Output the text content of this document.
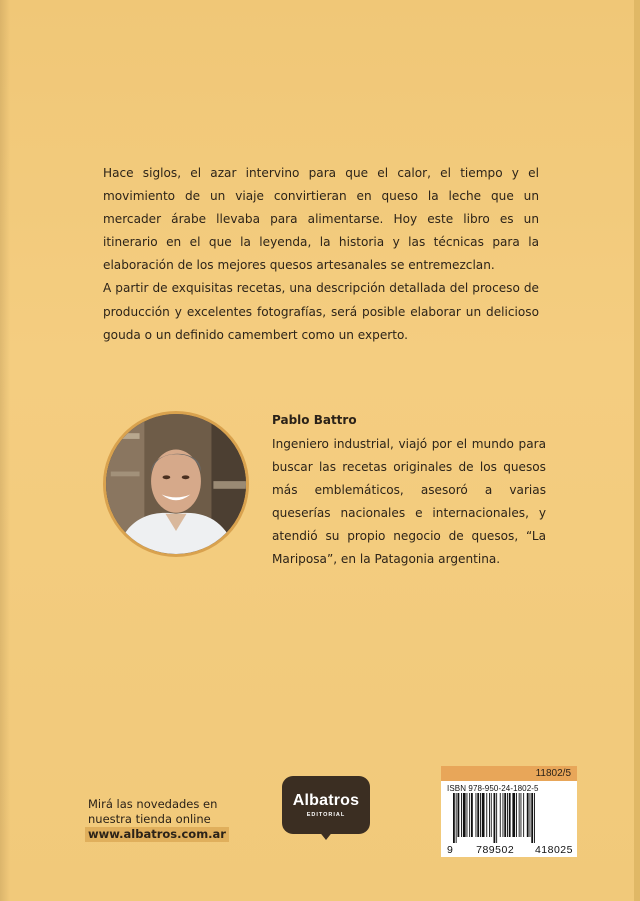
Hace siglos, el azar intervino para que el calor, el tiempo y el movimiento de un viaje convirtieran en queso la leche que un mercader árabe llevaba para alimentarse. Hoy este libro es un itinerario en el que la leyenda, la historia y las técnicas para la elaboración de los mejores quesos artesanales se entremezclan.

A partir de exquisitas recetas, una descripción detallada del proceso de producción y excelentes fotografías, será posible elaborar un delicioso gouda o un definido camembert como un experto.

Pablo Battro
Ingeniero industrial, viajó por el mundo para buscar las recetas originales de los quesos más emblemáticos, asesoró a varias queserías nacionales e internacionales, y atendió su propio negocio de quesos, “La Mariposa”, en la Patagonia argentina.
Mirá las novedades en
nuestra tienda online
www.albatros.com.ar
Albatros
EDITORIAL
11802/5
ISBN 978-950-24-1802-5
9 789502 418025
